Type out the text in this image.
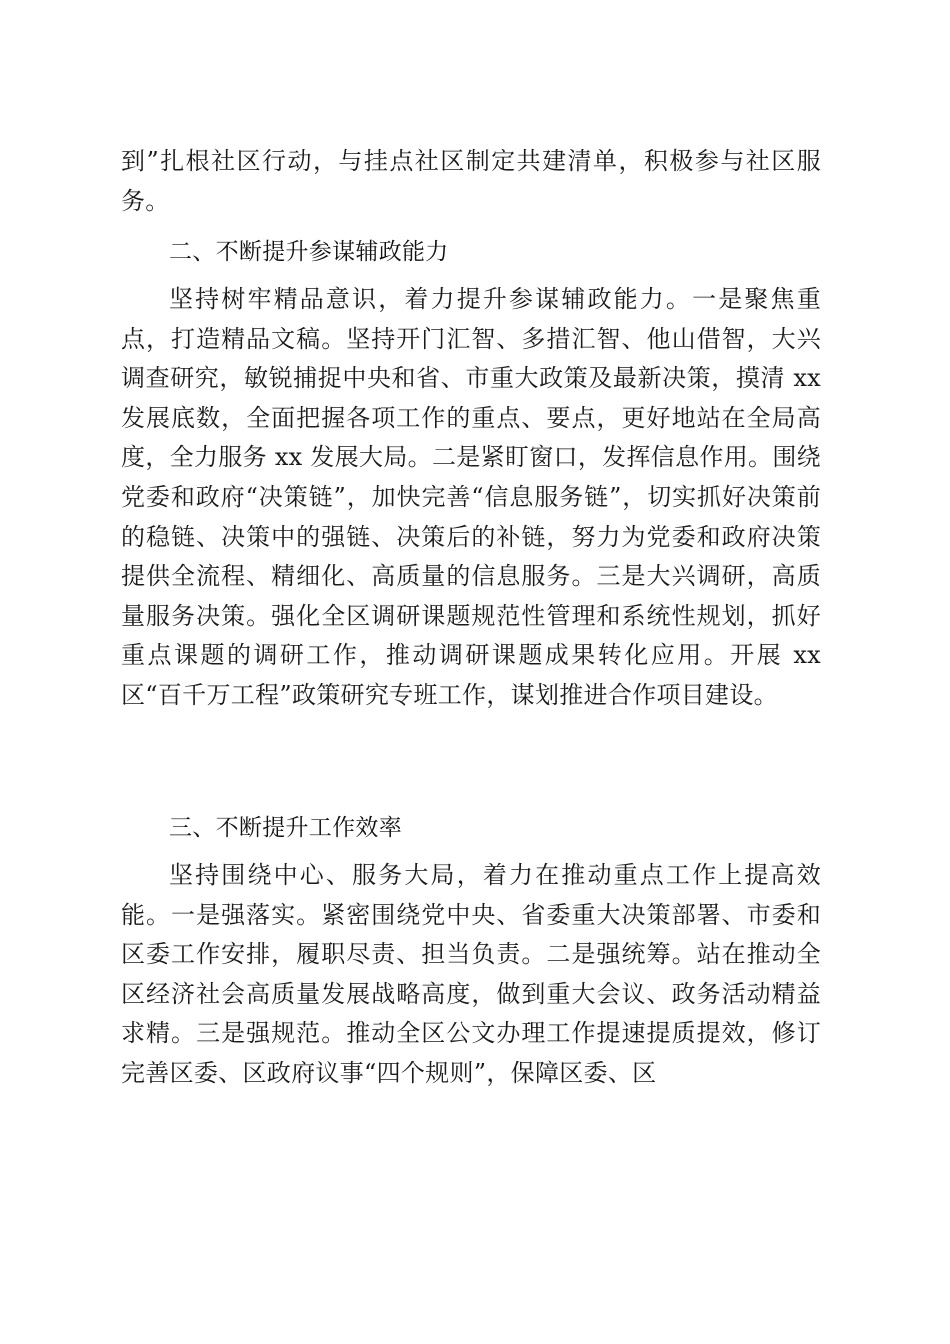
到”扎根社区行动，与挂点社区制定共建清单，积极参与社区服务。

二、不断提升参谋辅政能力

坚持树牢精品意识，着力提升参谋辅政能力。一是聚焦重点，打造精品文稿。坚持开门汇智、多措汇智、他山借智，大兴调查研究，敏锐捕捉中央和省、市重大政策及最新决策，摸清 xx 发展底数，全面把握各项工作的重点、要点，更好地站在全局高度，全力服务 xx 发展大局。二是紧盯窗口，发挥信息作用。围绕党委和政府“决策链”，加快完善“信息服务链”，切实抓好决策前的稳链、决策中的强链、决策后的补链，努力为党委和政府决策提供全流程、精细化、高质量的信息服务。三是大兴调研，高质量服务决策。强化全区调研课题规范性管理和系统性规划，抓好重点课题的调研工作，推动调研课题成果转化应用。开展 xx 区“百千万工程”政策研究专班工作，谋划推进合作项目建设。

三、不断提升工作效率

坚持围绕中心、服务大局，着力在推动重点工作上提高效能。一是强落实。紧密围绕党中央、省委重大决策部署、市委和区委工作安排，履职尽责、担当负责。二是强统筹。站在推动全区经济社会高质量发展战略高度，做到重大会议、政务活动精益求精。三是强规范。推动全区公文办理工作提速提质提效，修订完善区委、区政府议事“四个规则”，保障区委、区
